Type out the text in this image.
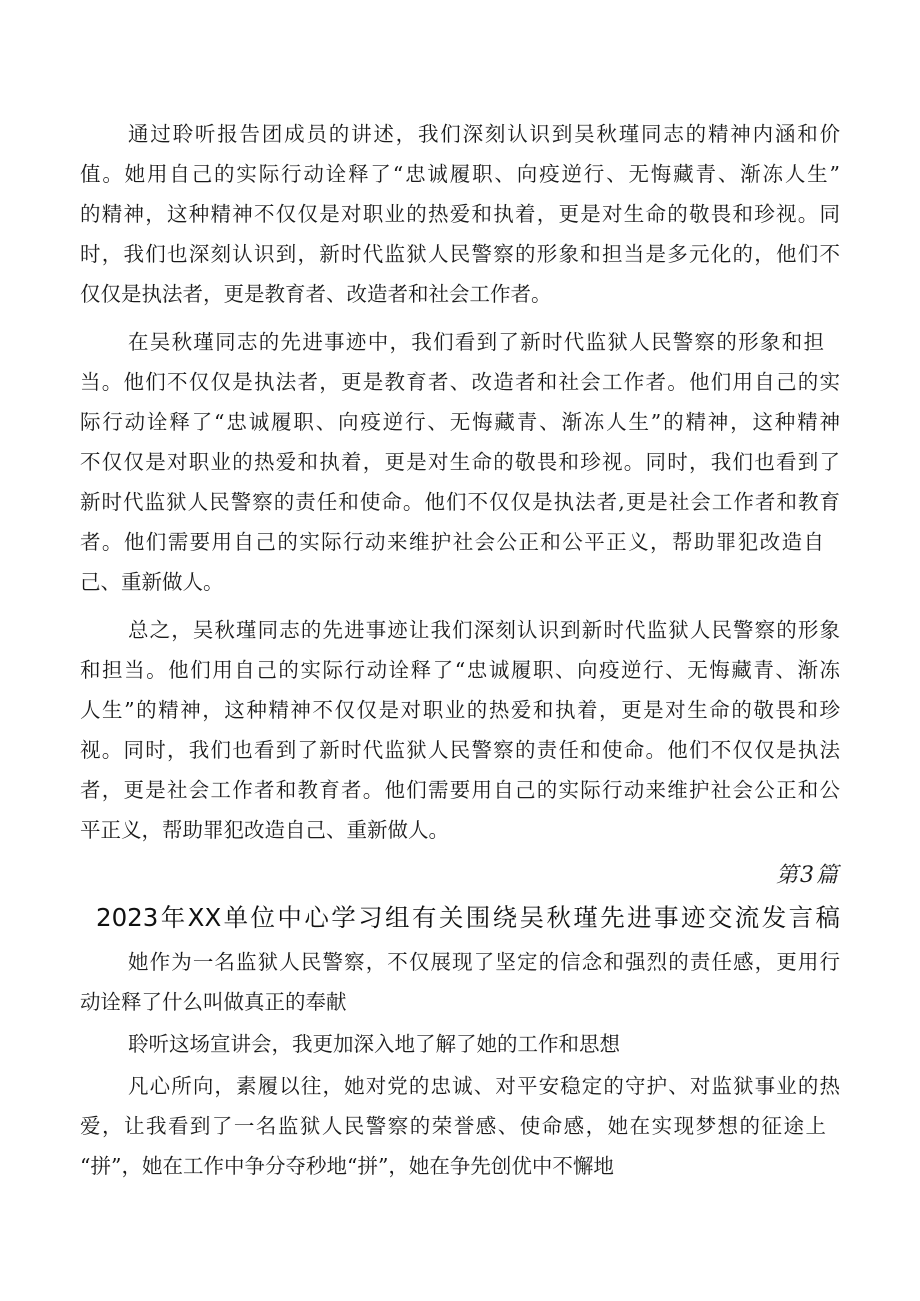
通过聆听报告团成员的讲述，我们深刻认识到吴秋瑾同志的精神内涵和价
值。她用自己的实际行动诠释了“忠诚履职、向疫逆行、无悔藏青、渐冻人生”
的精神，这种精神不仅仅是对职业的热爱和执着，更是对生命的敬畏和珍视。同
时，我们也深刻认识到，新时代监狱人民警察的形象和担当是多元化的，他们不
仅仅是执法者，更是教育者、改造者和社会工作者。
在吴秋瑾同志的先进事迹中，我们看到了新时代监狱人民警察的形象和担
当。他们不仅仅是执法者，更是教育者、改造者和社会工作者。他们用自己的实
际行动诠释了“忠诚履职、向疫逆行、无悔藏青、渐冻人生”的精神，这种精神
不仅仅是对职业的热爱和执着，更是对生命的敬畏和珍视。同时，我们也看到了
新时代监狱人民警察的责任和使命。他们不仅仅是执法者,更是社会工作者和教育
者。他们需要用自己的实际行动来维护社会公正和公平正义，帮助罪犯改造自
己、重新做人。
总之，吴秋瑾同志的先进事迹让我们深刻认识到新时代监狱人民警察的形象
和担当。他们用自己的实际行动诠释了“忠诚履职、向疫逆行、无悔藏青、渐冻
人生”的精神，这种精神不仅仅是对职业的热爱和执着，更是对生命的敬畏和珍
视。同时，我们也看到了新时代监狱人民警察的责任和使命。他们不仅仅是执法
者，更是社会工作者和教育者。他们需要用自己的实际行动来维护社会公正和公
平正义，帮助罪犯改造自己、重新做人。
第3篇
2023年XX单位中心学习组有关围绕吴秋瑾先进事迹交流发言稿
她作为一名监狱人民警察，不仅展现了坚定的信念和强烈的责任感，更用行
动诠释了什么叫做真正的奉献
聆听这场宣讲会，我更加深入地了解了她的工作和思想
凡心所向，素履以往，她对党的忠诚、对平安稳定的守护、对监狱事业的热
爱，让我看到了一名监狱人民警察的荣誉感、使命感，她在实现梦想的征途上
“拼”，她在工作中争分夺秒地“拼”，她在争先创优中不懈地
